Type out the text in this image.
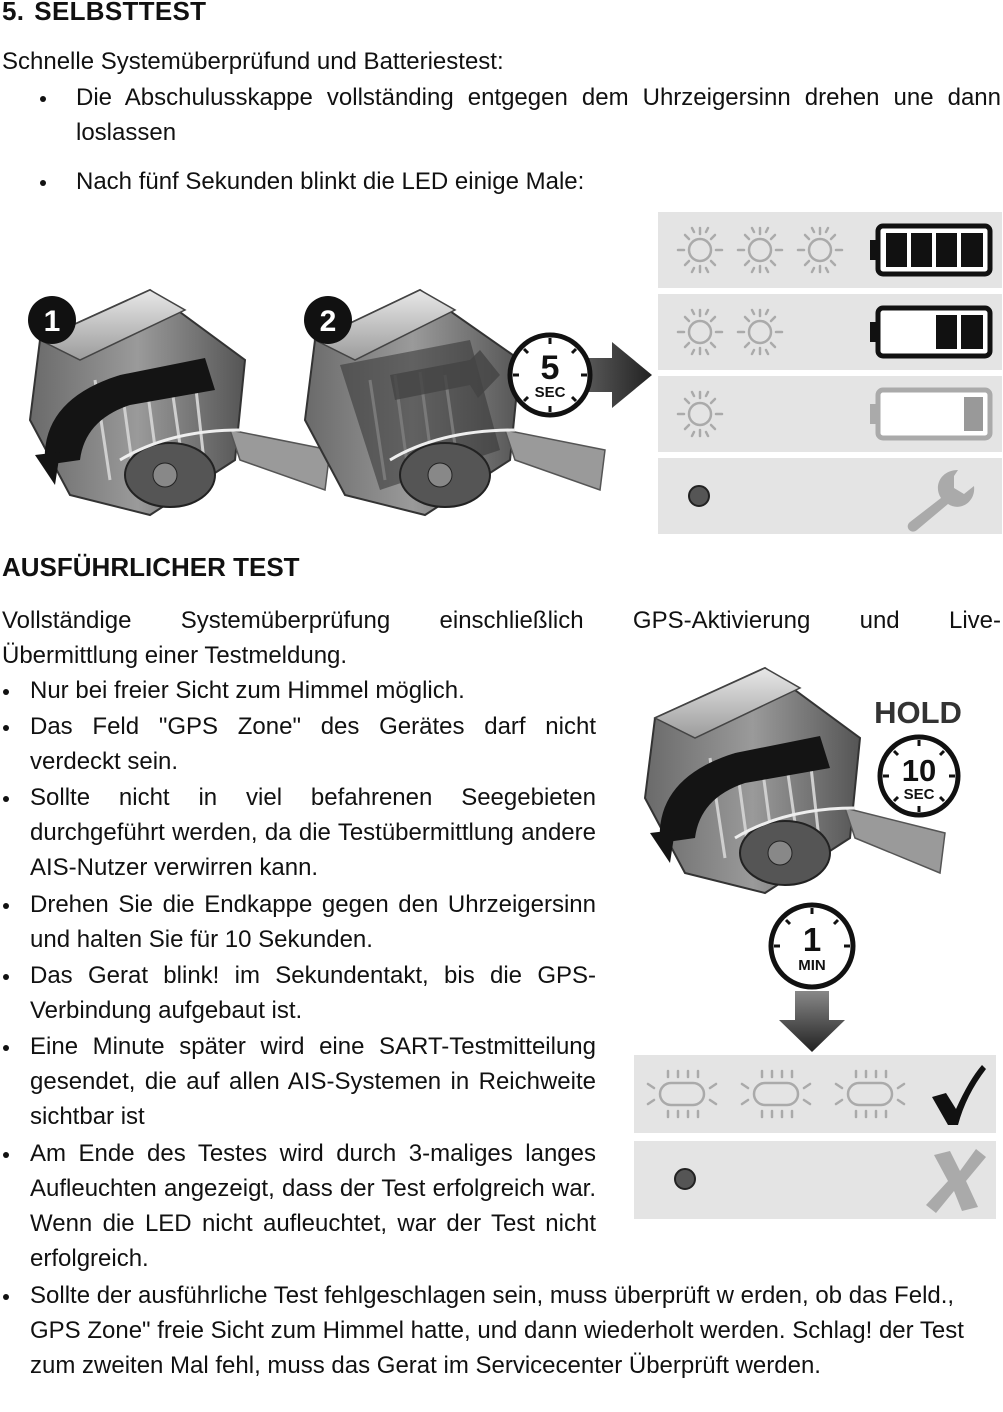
5. SELBSTTEST
Schnelle Systemüberprüfund und Batteriestest:
Die Abschulusskappe vollständing entgegen dem Uhrzeigersinn drehen une dann loslassen
Nach fünf Sekunden blinkt die LED einige Male:
1	2
5
SEC
AUSFÜHRLICHER TEST
Vollständige Systemüberprüfung einschließlich GPS-Aktivierung und Live-
Übermittlung einer Testmeldung.
Nur bei freier Sicht zum Himmel möglich.
Das Feld "GPS Zone" des Gerätes darf nicht verdeckt sein.
Sollte nicht in viel befahrenen Seegebieten durchgeführt werden, da die Testübermittlung andere AIS-Nutzer verwirren kann.
Drehen Sie die Endkappe gegen den Uhrzeigersinn und halten Sie für 10 Sekunden.
Das Gerat blink! im Sekundentakt, bis die GPS-Verbindung aufgebaut ist.
Eine Minute später wird eine SART-Testmitteilung gesendet, die auf allen AIS-Systemen in Reichweite sichtbar ist
Am Ende des Testes wird durch 3-maliges langes Aufleuchten angezeigt, dass der Test erfolgreich war. Wenn die LED nicht aufleuchtet, war der Test nicht erfolgreich.
Sollte der ausführliche Test fehlgeschlagen sein, muss überprüft w erden, ob das Feld., GPS Zone" freie Sicht zum Himmel hatte, und dann wiederholt werden. Schlag! der Test zum zweiten Mal fehl, muss das Gerat im Servicecenter Überprüft werden.
HOLD
10
SEC
1
MIN
